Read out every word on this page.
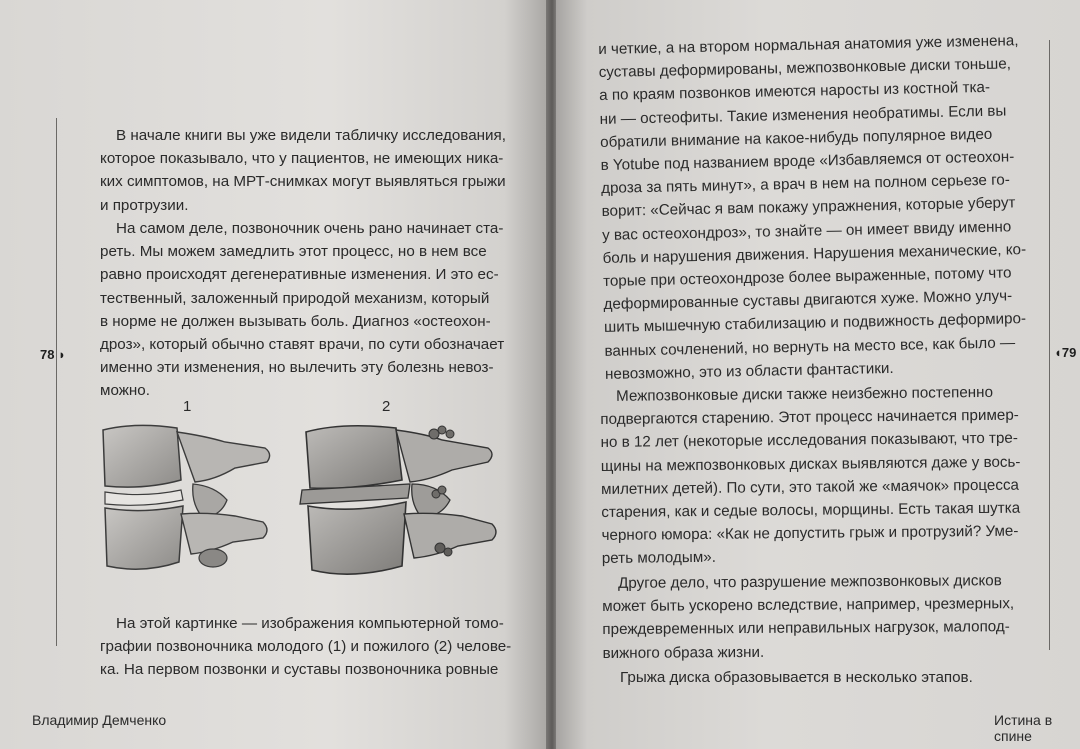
В начале книги вы уже видели табличку исследования,
которое показывало, что у пациентов, не имеющих ника-
ких симптомов, на МРТ-снимках могут выявляться грыжи
и протрузии.
На самом деле, позвоночник очень рано начинает ста-
реть. Мы можем замедлить этот процесс, но в нем все
равно происходят дегенеративные изменения. И это ес-
тественный, заложенный природой механизм, который
в норме не должен вызывать боль. Диагноз «остеохон-
дроз», который обычно ставят врачи, по сути обозначает
именно эти изменения, но вылечить эту болезнь невоз-
можно.
78 ◗
1	2
На этой картинке — изображения компьютерной томо-
графии позвоночника молодого (1) и пожилого (2) челове-
ка. На первом позвонки и суставы позвоночника ровные
Владимир Демченко
и четкие, а на втором нормальная анатомия уже изменена,
суставы деформированы, межпозвонковые диски тоньше,
а по краям позвонков имеются наросты из костной тка-
ни — остеофиты. Такие изменения необратимы. Если вы
обратили внимание на какое-нибудь популярное видео
в Yotube под названием вроде «Избавляемся от остеохон-
дроза за пять минут», а врач в нем на полном серьезе го-
ворит: «Сейчас я вам покажу упражнения, которые уберут
у вас остеохондроз», то знайте — он имеет ввиду именно
боль и нарушения движения. Нарушения механические, ко-
торые при остеохондрозе более выраженные, потому что
деформированные суставы двигаются хуже. Можно улуч-
шить мышечную стабилизацию и подвижность деформиро-
ванных сочленений, но вернуть на место все, как было —
невозможно, это из области фантастики.
◖79
Межпозвонковые диски также неизбежно постепенно
подвергаются старению. Этот процесс начинается пример-
но в 12 лет (некоторые исследования показывают, что тре-
щины на межпозвонковых дисках выявляются даже у вось-
милетних детей). По сути, это такой же «маячок» процесса
старения, как и седые волосы, морщины. Есть такая шутка
черного юмора: «Как не допустить грыж и протрузий? Уме-
реть молодым».
Другое дело, что разрушение межпозвонковых дисков
может быть ускорено вследствие, например, чрезмерных,
преждевременных или неправильных нагрузок, малопод-
вижного образа жизни.
Грыжа диска образовывается в несколько этапов.
Истина в спине
